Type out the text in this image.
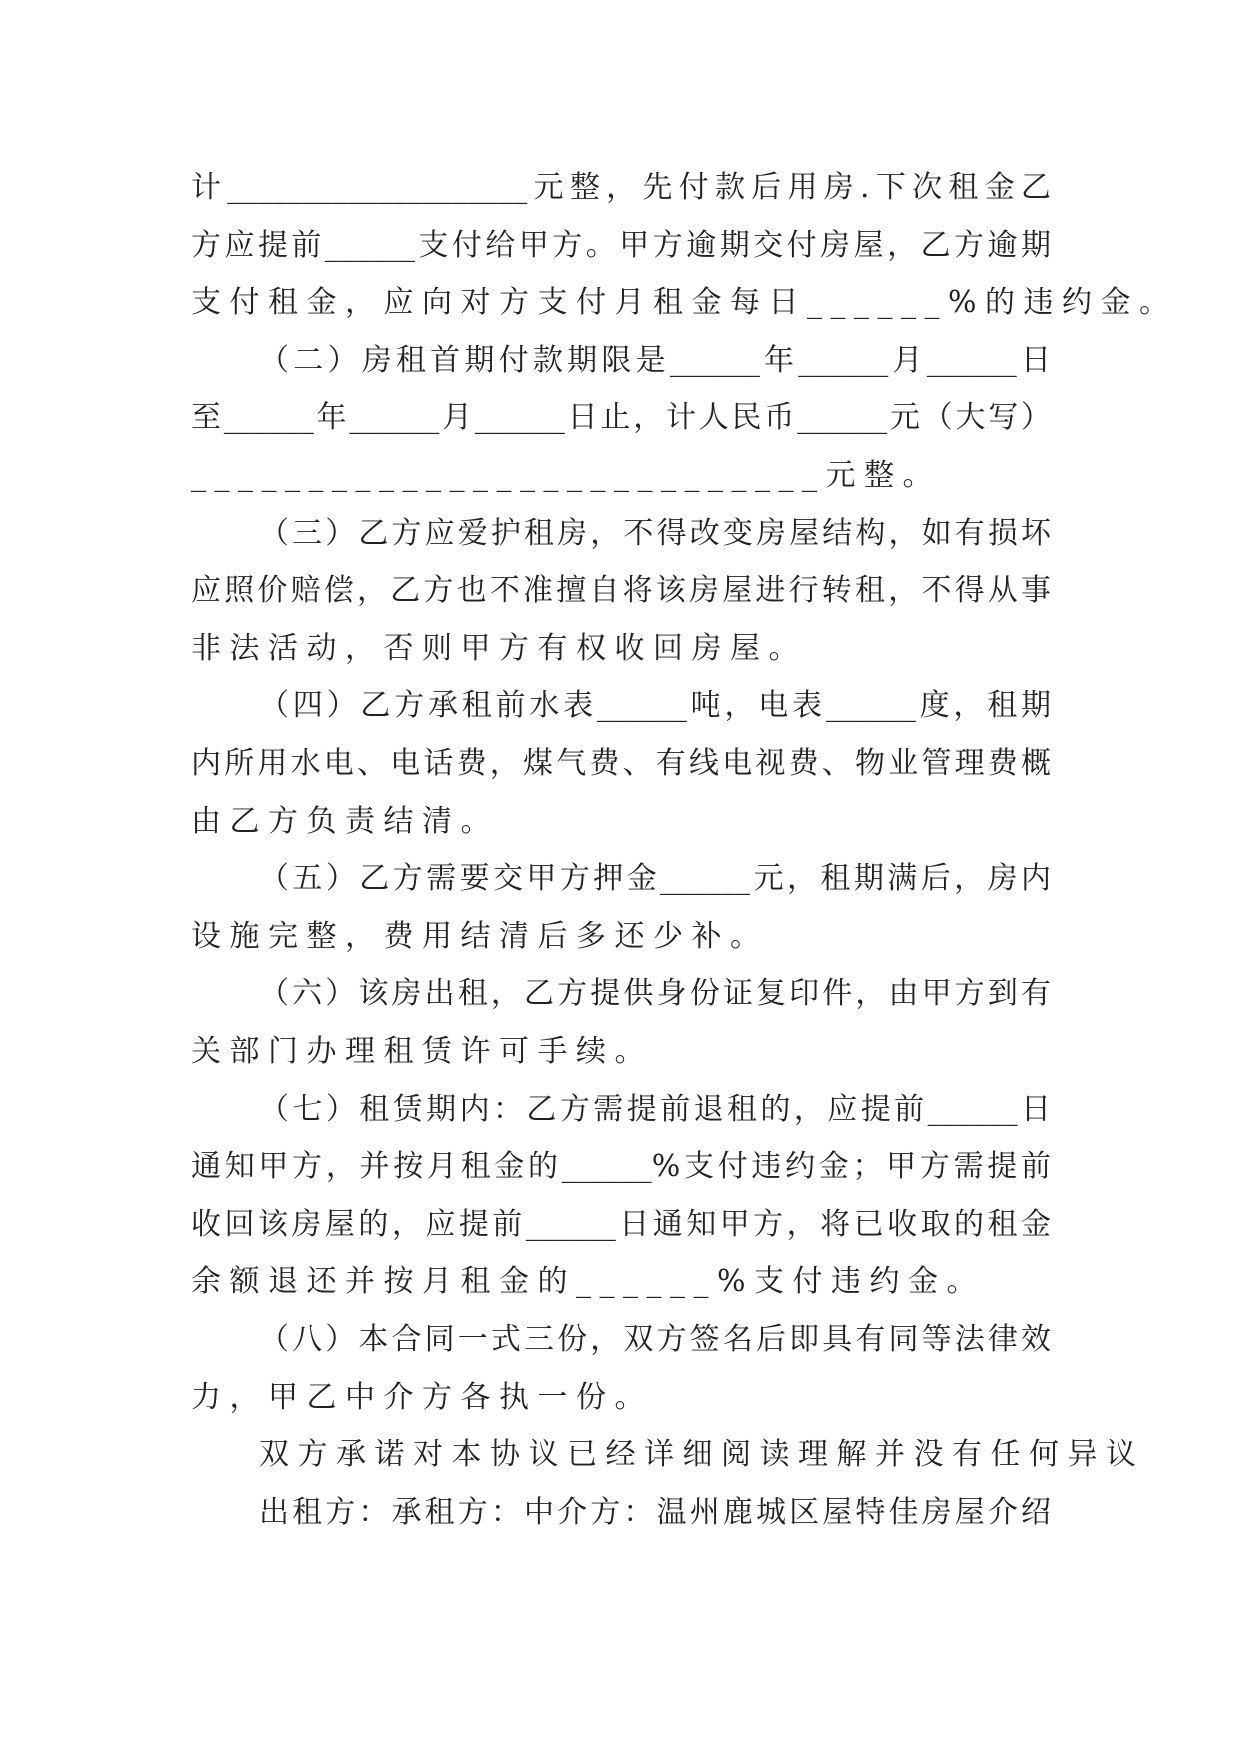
计____________________元整，先付款后用房.下次租金乙
方应提前______支付给甲方。甲方逾期交付房屋，乙方逾期
支付租金，应向对方支付月租金每日______%的违约金。
（二）房租首期付款期限是______年______月______日
至______年______月______日止，计人民币______元（大写）
___________________________元整。
（三）乙方应爱护租房，不得改变房屋结构，如有损坏
应照价赔偿，乙方也不准擅自将该房屋进行转租，不得从事
非法活动，否则甲方有权收回房屋。
（四）乙方承租前水表______吨，电表______度，租期
内所用水电、电话费，煤气费、有线电视费、物业管理费概
由乙方负责结清。
（五）乙方需要交甲方押金______元，租期满后，房内
设施完整，费用结清后多还少补。
（六）该房出租，乙方提供身份证复印件，由甲方到有
关部门办理租赁许可手续。
（七）租赁期内：乙方需提前退租的，应提前______日
通知甲方，并按月租金的______%支付违约金；甲方需提前
收回该房屋的，应提前______日通知甲方，将已收取的租金
余额退还并按月租金的______%支付违约金。
（八）本合同一式三份，双方签名后即具有同等法律效
力，甲乙中介方各执一份。
双方承诺对本协议已经详细阅读理解并没有任何异议
出租方：承租方：中介方：温州鹿城区屋特佳房屋介绍
